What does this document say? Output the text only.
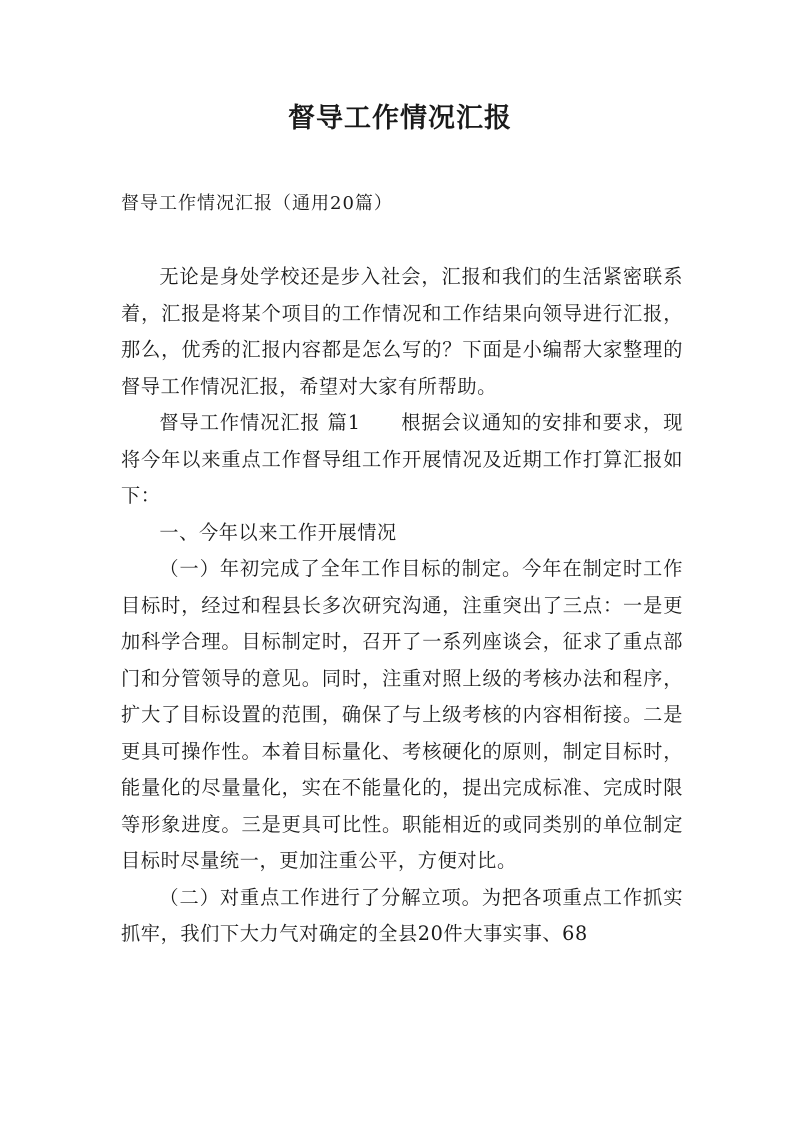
督导工作情况汇报
督导工作情况汇报（通用20篇）

无论是身处学校还是步入社会，汇报和我们的生活紧密联系着，汇报是将某个项目的工作情况和工作结果向领导进行汇报，那么，优秀的汇报内容都是怎么写的？下面是小编帮大家整理的督导工作情况汇报，希望对大家有所帮助。

督导工作情况汇报 篇1　　根据会议通知的安排和要求，现将今年以来重点工作督导组工作开展情况及近期工作打算汇报如下：

一、今年以来工作开展情况

（一）年初完成了全年工作目标的制定。今年在制定时工作目标时，经过和程县长多次研究沟通，注重突出了三点：一是更加科学合理。目标制定时，召开了一系列座谈会，征求了重点部门和分管领导的意见。同时，注重对照上级的考核办法和程序，扩大了目标设置的范围，确保了与上级考核的内容相衔接。二是更具可操作性。本着目标量化、考核硬化的原则，制定目标时，能量化的尽量量化，实在不能量化的，提出完成标准、完成时限等形象进度。三是更具可比性。职能相近的或同类别的单位制定目标时尽量统一，更加注重公平，方便对比。

（二）对重点工作进行了分解立项。为把各项重点工作抓实抓牢，我们下大力气对确定的全县20件大事实事、68
